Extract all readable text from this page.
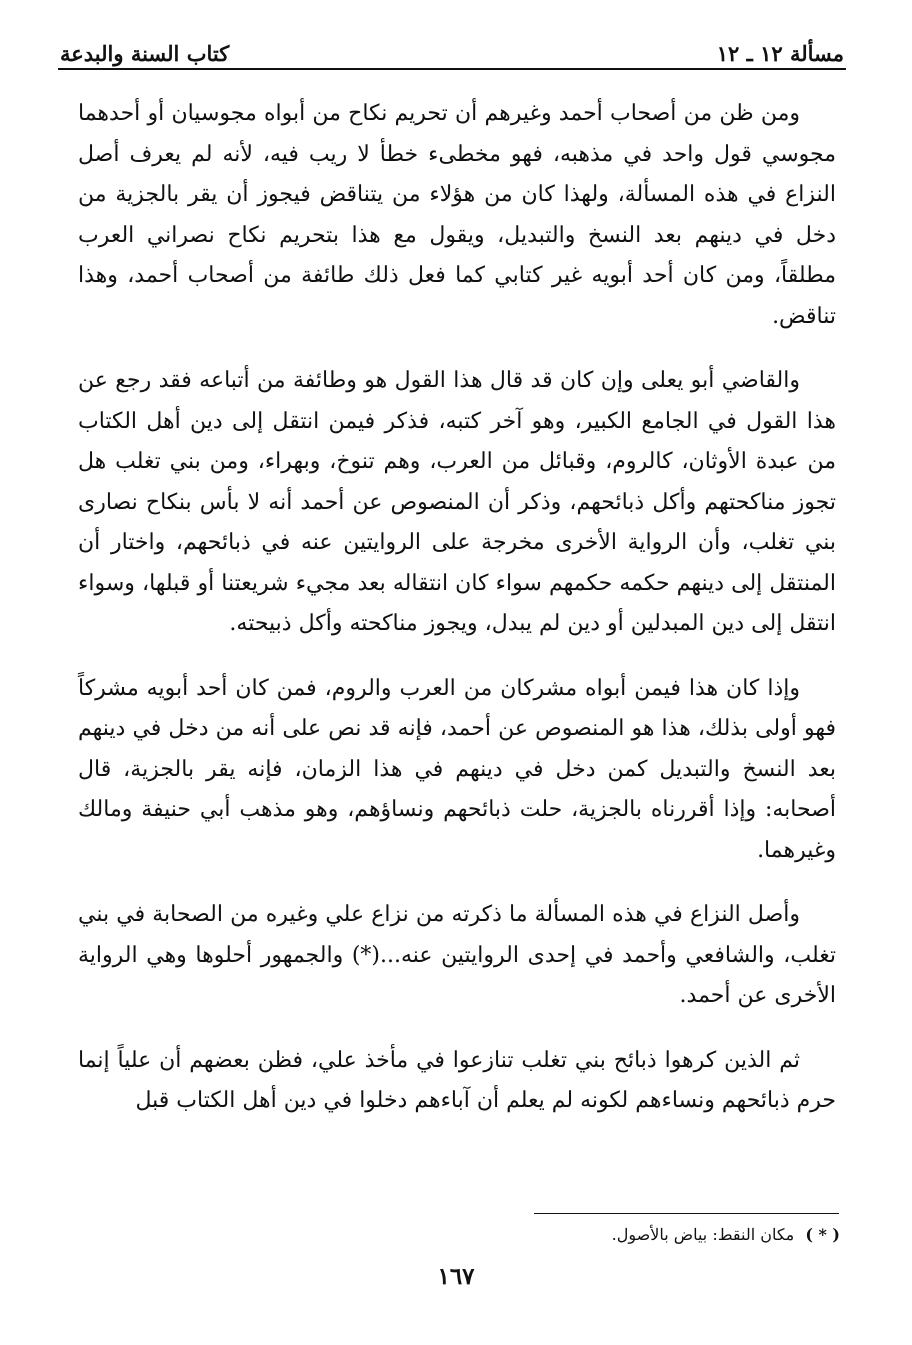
مسألة ١٢ ـ ١٢
كتاب السنة والبدعة

ومن ظن من أصحاب أحمد وغيرهم أن تحريم نكاح من أبواه مجوسيان أو أحدهما مجوسي قول واحد في مذهبه، فهو مخطىء خطأ لا ريب فيه، لأنه لم يعرف أصل النزاع في هذه المسألة، ولهذا كان من هؤلاء من يتناقض فيجوز أن يقر بالجزية من دخل في دينهم بعد النسخ والتبديل، ويقول مع هذا بتحريم نكاح نصراني العرب مطلقاً، ومن كان أحد أبويه غير كتابي كما فعل ذلك طائفة من أصحاب أحمد، وهذا تناقض.

والقاضي أبو يعلى وإن كان قد قال هذا القول هو وطائفة من أتباعه فقد رجع عن هذا القول في الجامع الكبير، وهو آخر كتبه، فذكر فيمن انتقل إلى دين أهل الكتاب من عبدة الأوثان، كالروم، وقبائل من العرب، وهم تنوخ، وبهراء، ومن بني تغلب هل تجوز مناكحتهم وأكل ذبائحهم، وذكر أن المنصوص عن أحمد أنه لا بأس بنكاح نصارى بني تغلب، وأن الرواية الأخرى مخرجة على الروايتين عنه في ذبائحهم، واختار أن المنتقل إلى دينهم حكمه حكمهم سواء كان انتقاله بعد مجيء شريعتنا أو قبلها، وسواء انتقل إلى دين المبدلين أو دين لم يبدل، ويجوز مناكحته وأكل ذبيحته.

وإذا كان هذا فيمن أبواه مشركان من العرب والروم، فمن كان أحد أبويه مشركاً فهو أولى بذلك، هذا هو المنصوص عن أحمد، فإنه قد نص على أنه من دخل في دينهم بعد النسخ والتبديل كمن دخل في دينهم في هذا الزمان، فإنه يقر بالجزية، قال أصحابه: وإذا أقررناه بالجزية، حلت ذبائحهم ونساؤهم، وهو مذهب أبي حنيفة ومالك وغيرهما.

وأصل النزاع في هذه المسألة ما ذكرته من نزاع علي وغيره من الصحابة في بني تغلب، والشافعي وأحمد في إحدى الروايتين عنه...(*) والجمهور أحلوها وهي الرواية الأخرى عن أحمد.

ثم الذين كرهوا ذبائح بني تغلب تنازعوا في مأخذ علي، فظن بعضهم أن علياً إنما حرم ذبائحهم ونساءهم لكونه لم يعلم أن آباءهم دخلوا في دين أهل الكتاب قبل

( * ) مكان النقط: بياض بالأصول.
١٦٧
